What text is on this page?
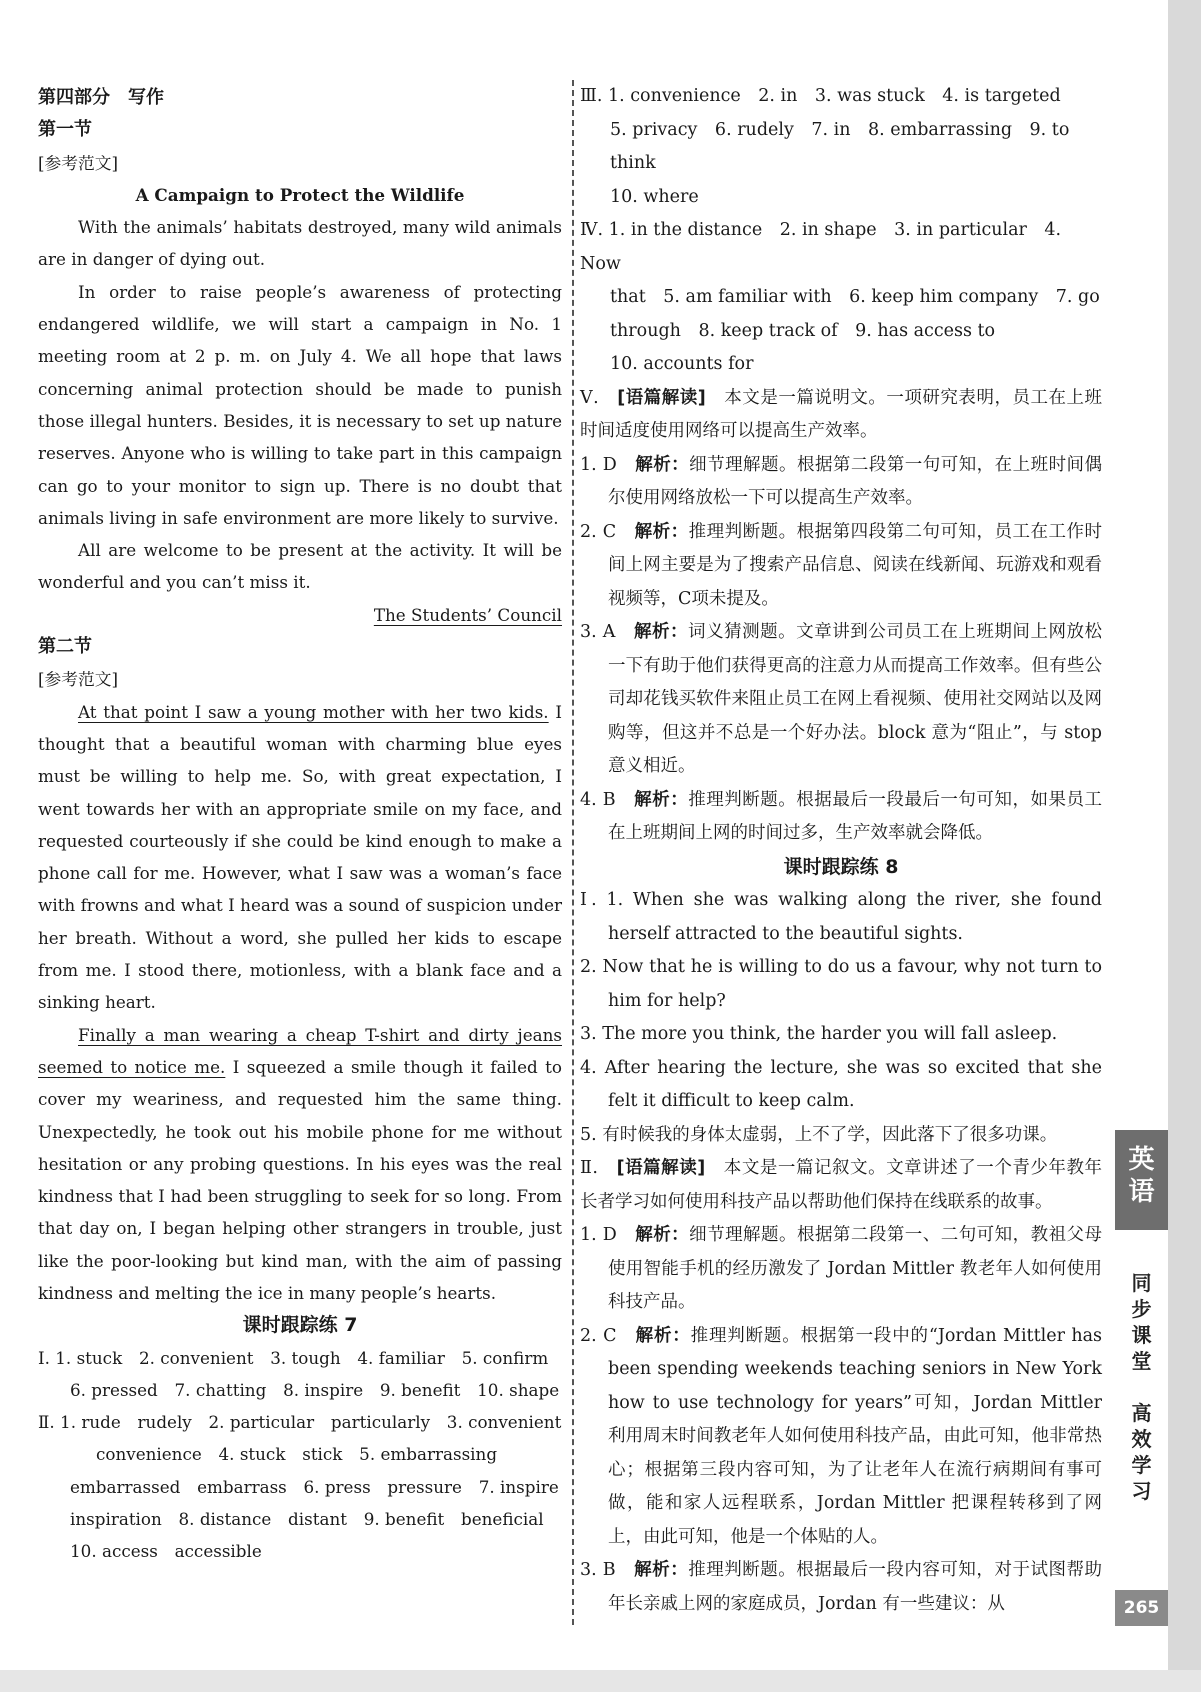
第四部分　写作

第一节

[参考范文]

A Campaign to Protect the Wildlife

With the animals’ habitats destroyed, many wild animals are in danger of dying out.

In order to raise people’s awareness of protecting endangered wildlife, we will start a campaign in No. 1 meeting room at 2 p. m. on July 4. We all hope that laws concerning animal protection should be made to punish those illegal hunters. Besides, it is necessary to set up nature reserves. Anyone who is willing to take part in this campaign can go to your monitor to sign up. There is no doubt that animals living in safe environment are more likely to survive.

All are welcome to be present at the activity. It will be wonderful and you can’t miss it.

The Students’ Council

第二节

[参考范文]

At that point I saw a young mother with her two kids. I thought that a beautiful woman with charming blue eyes must be willing to help me. So, with great expectation, I went towards her with an appropriate smile on my face, and requested courteously if she could be kind enough to make a phone call for me. However, what I saw was a woman’s face with frowns and what I heard was a sound of suspicion under her breath. Without a word, she pulled her kids to escape from me. I stood there, motionless, with a blank face and a sinking heart.

Finally a man wearing a cheap T-shirt and dirty jeans seemed to notice me. I squeezed a smile though it failed to cover my weariness, and requested him the same thing. Unexpectedly, he took out his mobile phone for me without hesitation or any probing questions. In his eyes was the real kindness that I had been struggling to seek for so long. From that day on, I began helping other strangers in trouble, just like the poor-looking but kind man, with the aim of passing kindness and melting the ice in many people’s hearts.

课时跟踪练 7

Ⅰ. 1. stuck　2. convenient　3. tough　4. familiar　5. confirm

6. pressed　7. chatting　8. inspire　9. benefit　10. shape

Ⅱ. 1. rude　rudely　2. particular　particularly　3. convenient

convenience　4. stuck　stick　5. embarrassing

embarrassed　embarrass　6. press　pressure　7. inspire

inspiration　8. distance　distant　9. benefit　beneficial

10. access　accessible

Ⅲ. 1. convenience　2. in　3. was stuck　4. is targeted

5. privacy　6. rudely　7. in　8. embarrassing　9. to think

10. where

Ⅳ. 1. in the distance　2. in shape　3. in particular　4. Now

that　5. am familiar with　6. keep him company　7. go

through　8. keep track of　9. has access to

10. accounts for

Ⅴ.　[语篇解读]　本文是一篇说明文。一项研究表明，员工在上班时间适度使用网络可以提高生产效率。

1. D　解析：细节理解题。根据第二段第一句可知，在上班时间偶尔使用网络放松一下可以提高生产效率。

2. C　解析：推理判断题。根据第四段第二句可知，员工在工作时间上网主要是为了搜索产品信息、阅读在线新闻、玩游戏和观看视频等，C项未提及。

3. A　解析：词义猜测题。文章讲到公司员工在上班期间上网放松一下有助于他们获得更高的注意力从而提高工作效率。但有些公司却花钱买软件来阻止员工在网上看视频、使用社交网站以及网购等，但这并不总是一个好办法。block 意为“阻止”，与 stop 意义相近。

4. B　解析：推理判断题。根据最后一段最后一句可知，如果员工在上班期间上网的时间过多，生产效率就会降低。

课时跟踪练 8

Ⅰ. 1. When she was walking along the river, she found herself attracted to the beautiful sights.

2. Now that he is willing to do us a favour, why not turn to him for help?

3. The more you think, the harder you will fall asleep.

4. After hearing the lecture, she was so excited that she felt it difficult to keep calm.

5. 有时候我的身体太虚弱，上不了学，因此落下了很多功课。

Ⅱ.　[语篇解读]　本文是一篇记叙文。文章讲述了一个青少年教年长者学习如何使用科技产品以帮助他们保持在线联系的故事。

1. D　解析：细节理解题。根据第二段第一、二句可知，教祖父母使用智能手机的经历激发了 Jordan Mittler 教老年人如何使用科技产品。

2. C　解析：推理判断题。根据第一段中的“Jordan Mittler has been spending weekends teaching seniors in New York how to use technology for years”可知，Jordan Mittler 利用周末时间教老年人如何使用科技产品，由此可知，他非常热心；根据第三段内容可知，为了让老年人在流行病期间有事可做，能和家人远程联系，Jordan Mittler 把课程转移到了网上，由此可知，他是一个体贴的人。

3. B　解析：推理判断题。根据最后一段内容可知，对于试图帮助年长亲戚上网的家庭成员，Jordan 有一些建议：从

英
语
同
步
课
堂

高
效
学
习
265
